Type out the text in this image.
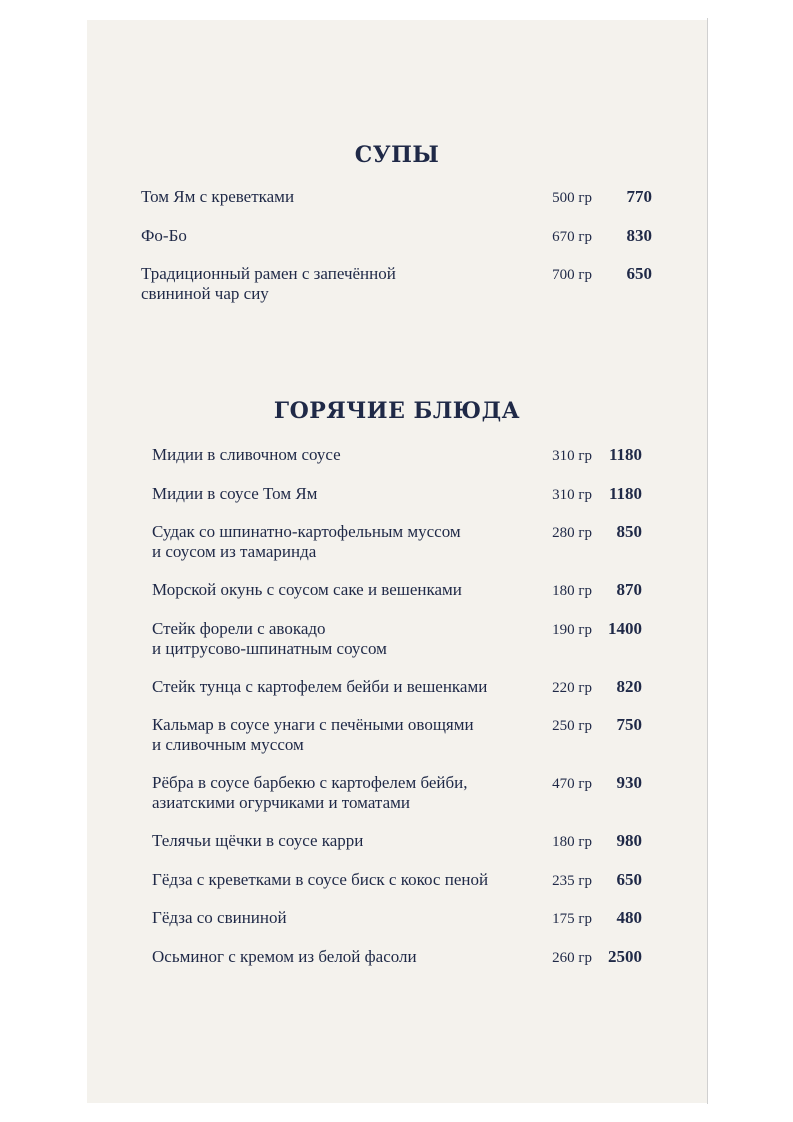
СУПЫ
Том Ям с креветками	500 гр	770
Фо-Бо	670 гр	830
Традиционный рамен с запечённой
свининой чар сиу
700 гр	650
ГОРЯЧИЕ БЛЮДА
Мидии в сливочном соусе	310 гр 1180
Мидии в соусе Том Ям	310 гр 1180
Судак со шпинатно-картофельным муссом
и соусом из тамаринда
280 гр	850
Морской окунь с соусом саке и вешенками	180 гр	870
Стейк форели с авокадо
и цитрусово-шпинатным соусом
190 гр 1400
Стейк тунца с картофелем бейби и вешенками	220 гр	820
Кальмар в соусе унаги с печёными овощями
и сливочным муссом
250 гр	750
Рёбра в соусе барбекю с картофелем бейби,
азиатскими огурчиками и томатами
470 гр	930
Телячьи щёчки в соусе карри	180 гр	980
Гёдза с креветками в соусе биск с кокос пеной	235 гр	650
Гёдза со свининой	175 гр	480
Осьминог с кремом из белой фасоли	260 гр 2500
